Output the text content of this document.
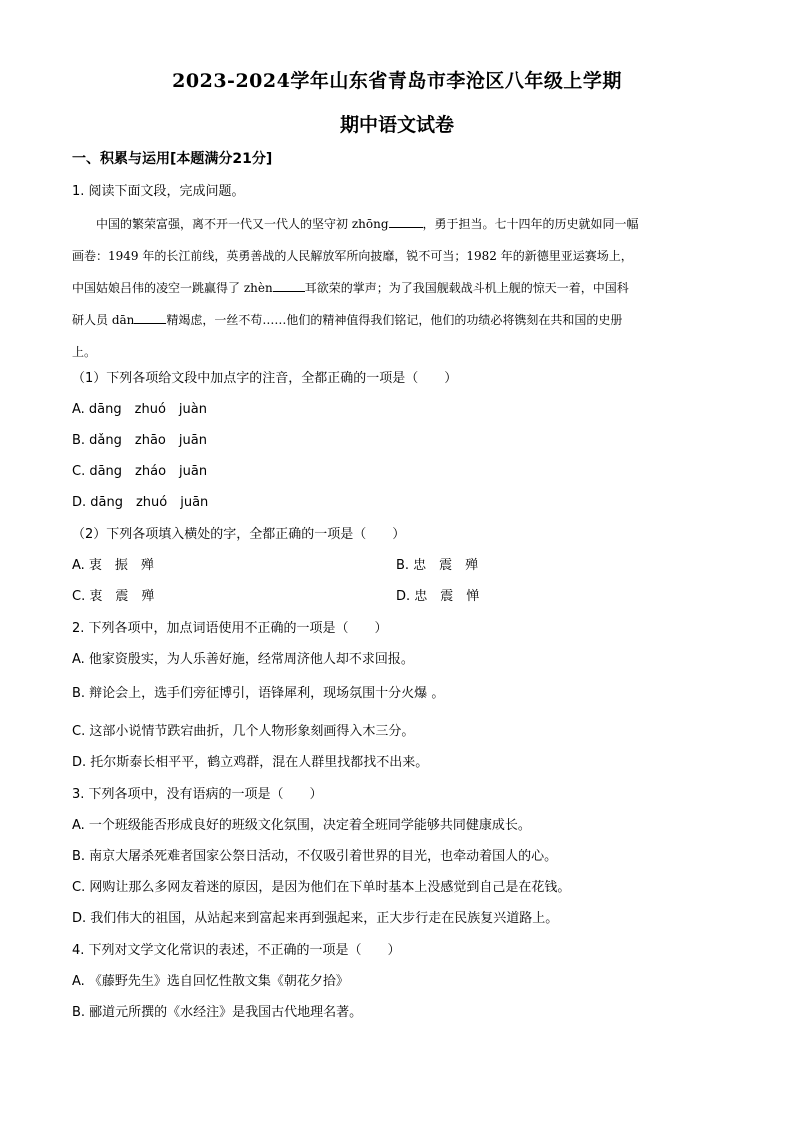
2023-2024学年山东省青岛市李沧区八年级上学期
期中语文试卷
一、积累与运用[本题满分21分]
1. 阅读下面文段，完成问题。
中国的繁荣富强，离不开一代又一代人的坚守初 zhōng	，勇于担当。七十四年的历史就如同一幅
画卷：1949 年的长江前线，英勇善战的人民解放军所向披靡，锐不可当；1982 年的新德里亚运赛场上，
中国姑娘吕伟的凌空一跳赢得了 zhèn	耳欲荣的掌声；为了我国舰载战斗机上舰的惊天一着，中国科
研人员 dān	精竭虑，一丝不苟……他们的精神值得我们铭记，他们的功绩必将镌刻在共和国的史册
上。
（1）下列各项给文段中加点字的注音，全都正确的一项是（　　）
A. dāng　zhuó　juàn
B. dǎng　zhāo　juān
C. dāng　zháo　juān
D. dāng　zhuó　juān
（2）下列各项填入横处的字，全都正确的一项是（　　）
A. 衷　振　殚	B. 忠　震　殚
C. 衷　震　殚	D. 忠　震　惮
2. 下列各项中，加点词语使用不正确的一项是（　　）
A. 他家资殷实，为人乐善好施，经常周济他人却不求回报。
B. 辩论会上，选手们旁征博引，语锋犀利，现场氛围十分火爆 。
C. 这部小说情节跌宕曲折，几个人物形象刻画得入木三分。
D. 托尔斯泰长相平平，鹤立鸡群，混在人群里找都找不出来。
3. 下列各项中，没有语病的一项是（　　）
A. 一个班级能否形成良好的班级文化氛围，决定着全班同学能够共同健康成长。
B. 南京大屠杀死难者国家公祭日活动，不仅吸引着世界的目光，也牵动着国人的心。
C. 网购让那么多网友着迷的原因，是因为他们在下单时基本上没感觉到自己是在花钱。
D. 我们伟大的祖国，从站起来到富起来再到强起来，正大步行走在民族复兴道路上。
4. 下列对文学文化常识的表述，不正确的一项是（　　）
A. 《藤野先生》选自回忆性散文集《朝花夕拾》
B. 郦道元所撰的《水经注》是我国古代地理名著。
